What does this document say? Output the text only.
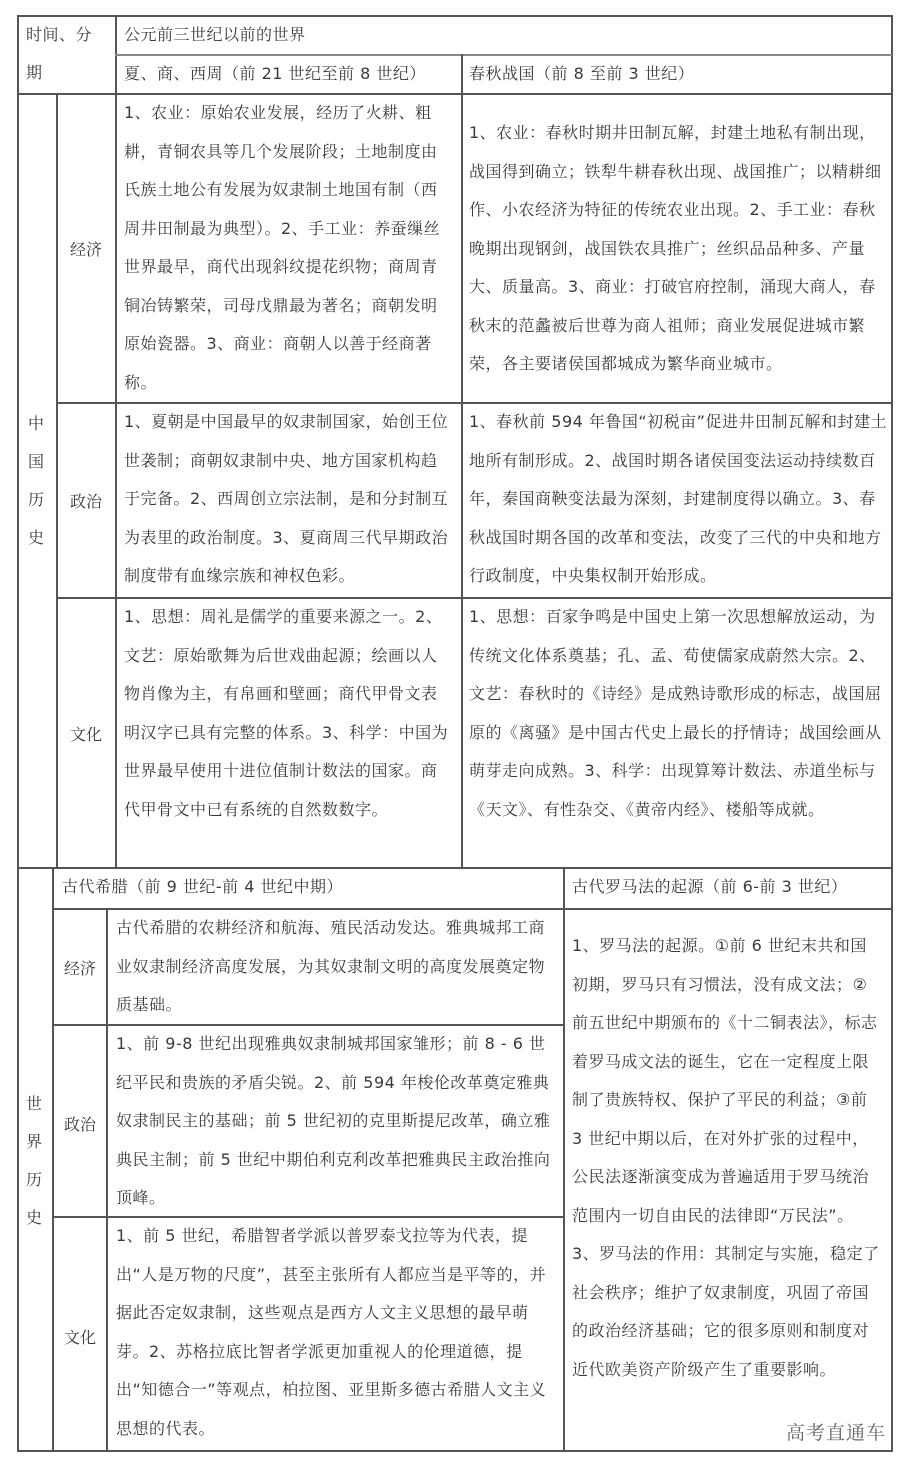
时间、分
期
公元前三世纪以前的世界
夏、商、西周（前 21 世纪至前 8 世纪）	春秋战国（前 8 至前 3 世纪）
中
国
历
史
经济
1、农业：原始农业发展，经历了火耕、粗耕，青铜农具等几个发展阶段；土地制度由氏族土地公有发展为奴隶制土地国有制（西周井田制最为典型）。2、手工业：养蚕缫丝世界最早，商代出现斜纹提花织物；商周青铜冶铸繁荣，司母戊鼎最为著名；商朝发明原始瓷器。3、商业：商朝人以善于经商著称。
1、农业：春秋时期井田制瓦解，封建土地私有制出现，战国得到确立；铁犁牛耕春秋出现、战国推广；以精耕细作、小农经济为特征的传统农业出现。2、手工业：春秋晚期出现钢剑，战国铁农具推广；丝织品品种多、产量大、质量高。3、商业：打破官府控制，涌现大商人，春秋末的范蠡被后世尊为商人祖师；商业发展促进城市繁荣，各主要诸侯国都城成为繁华商业城市。
政治
1、夏朝是中国最早的奴隶制国家，始创王位世袭制；商朝奴隶制中央、地方国家机构趋于完备。2、西周创立宗法制，是和分封制互为表里的政治制度。3、夏商周三代早期政治制度带有血缘宗族和神权色彩。
1、春秋前 594 年鲁国“初税亩”促进井田制瓦解和封建土地所有制形成。2、战国时期各诸侯国变法运动持续数百年，秦国商鞅变法最为深刻，封建制度得以确立。3、春秋战国时期各国的改革和变法，改变了三代的中央和地方行政制度，中央集权制开始形成。
文化
1、思想：周礼是儒学的重要来源之一。2、文艺：原始歌舞为后世戏曲起源；绘画以人物肖像为主，有帛画和壁画；商代甲骨文表明汉字已具有完整的体系。3、科学：中国为世界最早使用十进位值制计数法的国家。商代甲骨文中已有系统的自然数数字。
1、思想：百家争鸣是中国史上第一次思想解放运动，为传统文化体系奠基；孔、孟、荀使儒家成蔚然大宗。2、文艺：春秋时的《诗经》是成熟诗歌形成的标志，战国屈原的《离骚》是中国古代史上最长的抒情诗；战国绘画从萌芽走向成熟。3、科学：出现算筹计数法、赤道坐标与《天文》、有性杂交、《黄帝内经》、楼船等成就。
世
界
历
史
古代希腊（前 9 世纪-前 4 世纪中期）	古代罗马法的起源（前 6-前 3 世纪）
经济
古代希腊的农耕经济和航海、殖民活动发达。雅典城邦工商业奴隶制经济高度发展，为其奴隶制文明的高度发展奠定物质基础。
政治
1、前 9-8 世纪出现雅典奴隶制城邦国家雏形；前 8 - 6 世纪平民和贵族的矛盾尖锐。2、前 594 年梭伦改革奠定雅典奴隶制民主的基础；前 5 世纪初的克里斯提尼改革，确立雅典民主制；前 5 世纪中期伯利克利改革把雅典民主政治推向顶峰。
文化
1、前 5 世纪，希腊智者学派以普罗泰戈拉等为代表，提出“人是万物的尺度”，甚至主张所有人都应当是平等的，并据此否定奴隶制，这些观点是西方人文主义思想的最早萌芽。2、苏格拉底比智者学派更加重视人的伦理道德，提出“知德合一”等观点，柏拉图、亚里斯多德古希腊人文主义思想的代表。
1、罗马法的起源。①前 6 世纪末共和国初期，罗马只有习惯法，没有成文法；②前五世纪中期颁布的《十二铜表法》，标志着罗马成文法的诞生，它在一定程度上限制了贵族特权、保护了平民的利益；③前 3 世纪中期以后，在对外扩张的过程中，公民法逐渐演变成为普遍适用于罗马统治范围内一切自由民的法律即“万民法”。3、罗马法的作用：其制定与实施，稳定了社会秩序；维护了奴隶制度，巩固了帝国的政治经济基础；它的很多原则和制度对近代欧美资产阶级产生了重要影响。
高考直通车
